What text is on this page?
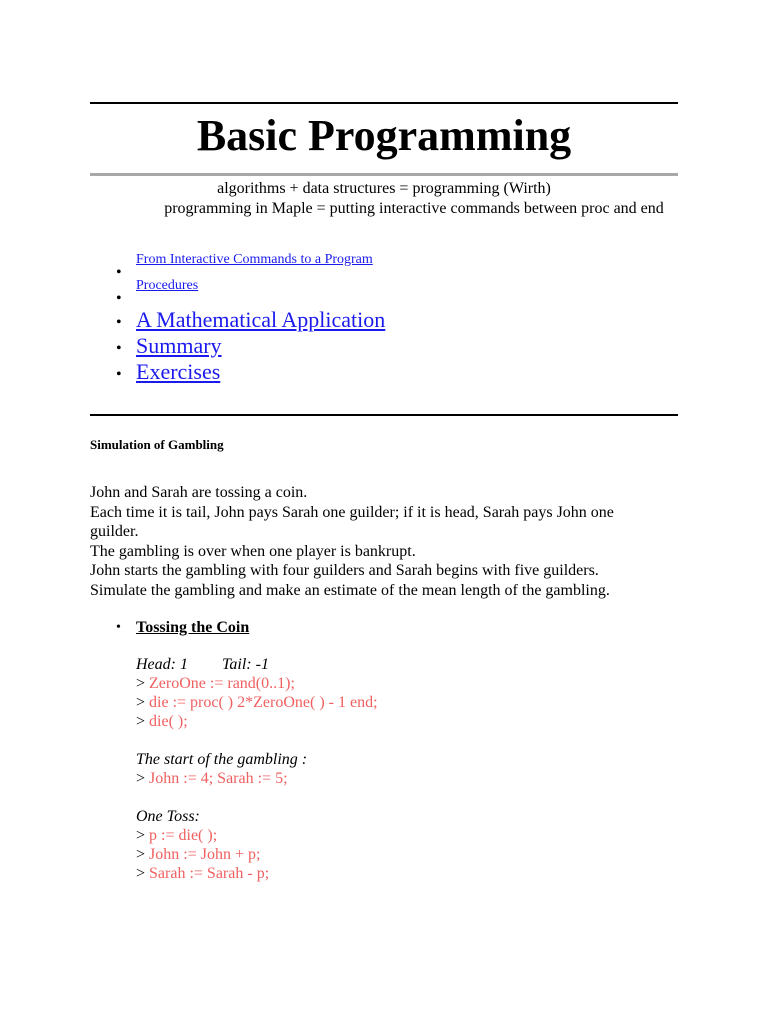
Basic Programming
algorithms + data structures = programming (Wirth)
programming in Maple = putting interactive commands between proc and end
•
From Interactive Commands to a Program
•
Procedures
• A Mathematical Application
• Summary
• Exercises
Simulation of Gambling

John and Sarah are tossing a coin.

Each time it is tail, John pays Sarah one guilder; if it is head, Sarah pays John one guilder.

The gambling is over when one player is bankrupt.

John starts the gambling with four guilders and Sarah begins with five guilders.

Simulate the gambling and make an estimate of the mean length of the gambling.

• Tossing the Coin
Head: 1 Tail: -1
> ZeroOne := rand(0..1);
> die := proc( ) 2*ZeroOne( ) - 1 end;
> die( );
The start of the gambling :
> John := 4; Sarah := 5;
One Toss:
> p := die( );
> John := John + p;
> Sarah := Sarah - p;
